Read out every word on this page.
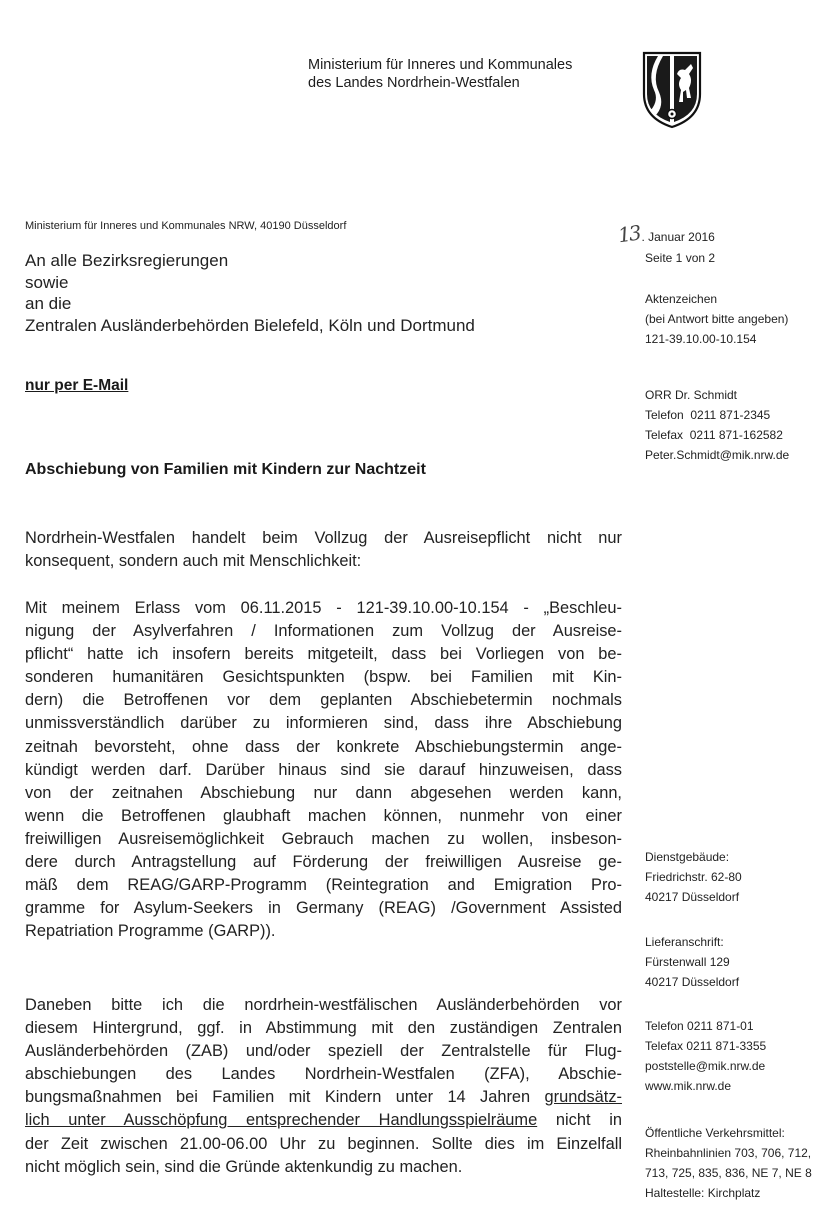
Ministerium für Inneres und Kommunales
des Landes Nordrhein-Westfalen
Ministerium für Inneres und Kommunales NRW, 40190 Düsseldorf
An alle Bezirksregierungen
sowie
an die
Zentralen Ausländerbehörden Bielefeld, Köln und Dortmund
nur per E-Mail
Abschiebung von Familien mit Kindern zur Nachtzeit
13. Januar 2016
Seite 1 von 2
Aktenzeichen
(bei Antwort bitte angeben)
121-39.10.00-10.154
ORR Dr. Schmidt
Telefon  0211 871-2345
Telefax  0211 871-162582
Peter.Schmidt@mik.nrw.de
Dienstgebäude:
Friedrichstr. 62-80
40217 Düsseldorf
Lieferanschrift:
Fürstenwall 129
40217 Düsseldorf
Telefon 0211 871-01
Telefax 0211 871-3355
poststelle@mik.nrw.de
www.mik.nrw.de
Öffentliche Verkehrsmittel:
Rheinbahnlinien 703, 706, 712,
713, 725, 835, 836, NE 7, NE 8
Haltestelle: Kirchplatz
Nordrhein-Westfalen handelt beim Vollzug der Ausreisepflicht nicht nur
konsequent, sondern auch mit Menschlichkeit:
Mit meinem Erlass vom 06.11.2015 - 121-39.10.00-10.154 - „Beschleu-
nigung der Asylverfahren / Informationen zum Vollzug der Ausreise-
pflicht“ hatte ich insofern bereits mitgeteilt, dass bei Vorliegen von be-
sonderen humanitären Gesichtspunkten (bspw. bei Familien mit Kin-
dern) die Betroffenen vor dem geplanten Abschiebetermin nochmals
unmissverständlich darüber zu informieren sind, dass ihre Abschiebung
zeitnah bevorsteht, ohne dass der konkrete Abschiebungstermin ange-
kündigt werden darf. Darüber hinaus sind sie darauf hinzuweisen, dass
von der zeitnahen Abschiebung nur dann abgesehen werden kann,
wenn die Betroffenen glaubhaft machen können, nunmehr von einer
freiwilligen Ausreisemöglichkeit Gebrauch machen zu wollen, insbeson-
dere durch Antragstellung auf Förderung der freiwilligen Ausreise ge-
mäß dem REAG/GARP-Programm (Reintegration and Emigration Pro-
gramme for Asylum-Seekers in Germany (REAG) /Government Assisted
Repatriation Programme (GARP)).
Daneben bitte ich die nordrhein-westfälischen Ausländerbehörden vor
diesem Hintergrund, ggf. in Abstimmung mit den zuständigen Zentralen
Ausländerbehörden (ZAB) und/oder speziell der Zentralstelle für Flug-
abschiebungen des Landes Nordrhein-Westfalen (ZFA), Abschie-
bungsmaßnahmen bei Familien mit Kindern unter 14 Jahren grundsätz-
lich unter Ausschöpfung entsprechender Handlungsspielräume nicht in
der Zeit zwischen 21.00-06.00 Uhr zu beginnen. Sollte dies im Einzelfall
nicht möglich sein, sind die Gründe aktenkundig zu machen.
